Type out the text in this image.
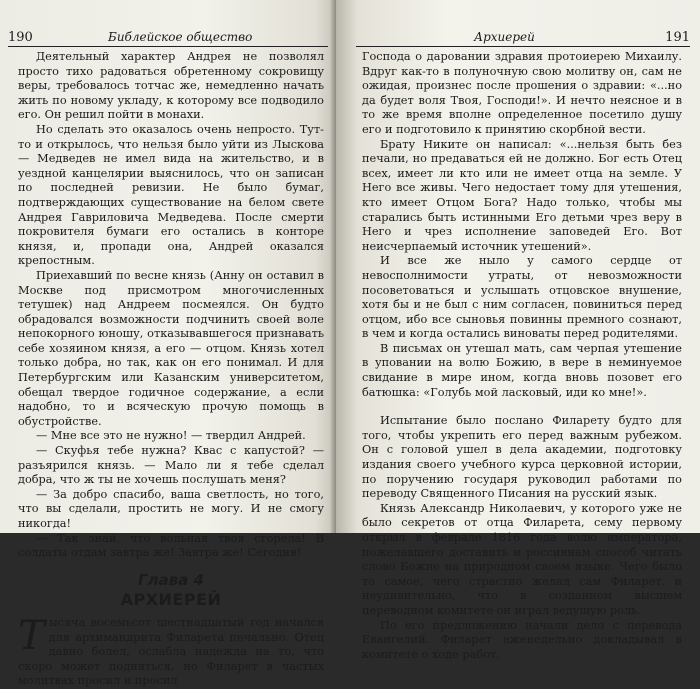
190	Библейское общество

Деятельный характер Андрея не позволял просто тихо радоваться обретенному сокровищу веры, требовалось тотчас же, немедленно начать жить по новому укладу, к которому все подводило его. Он решил пойти в монахи.

Но сделать это оказалось очень непросто. Тут-то и открылось, что нельзя было уйти из Лыскова — Медведев не имел вида на жительство, и в уездной канцелярии выяснилось, что он записан по последней ревизии. Не было бумаг, подтверждающих существование на белом свете Андрея Гавриловича Медведева. После смерти покровителя бумаги его остались в конторе князя, и, пропади она, Андрей оказался крепостным.

Приехавший по весне князь (Анну он оставил в Москве под присмотром многочисленных тетушек) над Андреем посмеялся. Он будто обрадовался возможности подчинить своей воле непокорного юношу, отказывавшегося признавать себе хозяином князя, а его — отцом. Князь хотел только добра, но так, как он его понимал. И для Петербургским или Казанским университетом, обещал твердое годичное содержание, а если надобно, то и всяческую прочую помощь в обустройстве.

— Мне все это не нужно! — твердил Андрей.

— Скуфья тебе нужна? Квас с капустой? — разъярился князь. — Мало ли я тебе сделал добра, что ж ты не хочешь послушать меня?

— За добро спасибо, ваша светлость, но того, что вы сделали, простить не могу. И не смогу никогда!

— Так знай, что вольная твоя сгорела! В солдаты отдам завтра же! Завтра же! Сегодня!

Глава 4
АРХИЕРЕЙ

Тысяча восемьсот шестнадцатый год начался для архимандрита Филарета печально. Отец давно болел, ослабла надежда на то, что скоро может подняться, но Филарет в частых молитвах просил и просил

Архиерей	191

Господа о даровании здравия протоиерею Михаилу. Вдруг как-то в полуночную свою молитву он, сам не ожидая, произнес после прошения о здравии: «...но да будет воля Твоя, Господи!». И нечто неясное и в то же время вполне определенное посетило душу его и подготовило к принятию скорбной вести.

Брату Никите он написал: «...нельзя быть без печали, но предаваться ей не должно. Бог есть Отец всех, имеет ли кто или не имеет отца на земле. У Него все живы. Чего недостает тому для утешения, кто имеет Отцом Бога? Надо только, чтобы мы старались быть истинными Его детьми чрез веру в Него и чрез исполнение заповедей Его. Вот неисчерпаемый источник утешений».

И все же ныло у самого сердце от невосполнимости утраты, от невозможности посоветоваться и услышать отцовское внушение, хотя бы и не был с ним согласен, повиниться перед отцом, ибо все сыновья повинны премного сознают, в чем и когда остались виноваты перед родителями.

В письмах он утешал мать, сам черпая утешение в уповании на волю Божию, в вере в неминуемое свидание в мире ином, когда вновь позовет его батюшка: «Голубь мой ласковый, иди ко мне!».

Испытание было послано Филарету будто для того, чтобы укрепить его перед важным рубежом. Он с головой ушел в дела академии, подготовку издания своего учебного курса церковной истории, по поручению государя руководил работами по переводу Священного Писания на русский язык.

Князь Александр Николаевич, у которого уже не было секретов от отца Филарета, сему первому открыл в феврале 1816 года волю императора, пожелавшего доставить и россиянам способ читать слово Божие на природном своем языке. Чего было то самое, чего страстно желал сам Филарет, и неудивительно, что в созданном высшем переводном комитете он играл ведущую роль.

По его предложению начали дело с перевода Евангелий. Филарет еженедельно докладывал в комитете о ходе работ,
